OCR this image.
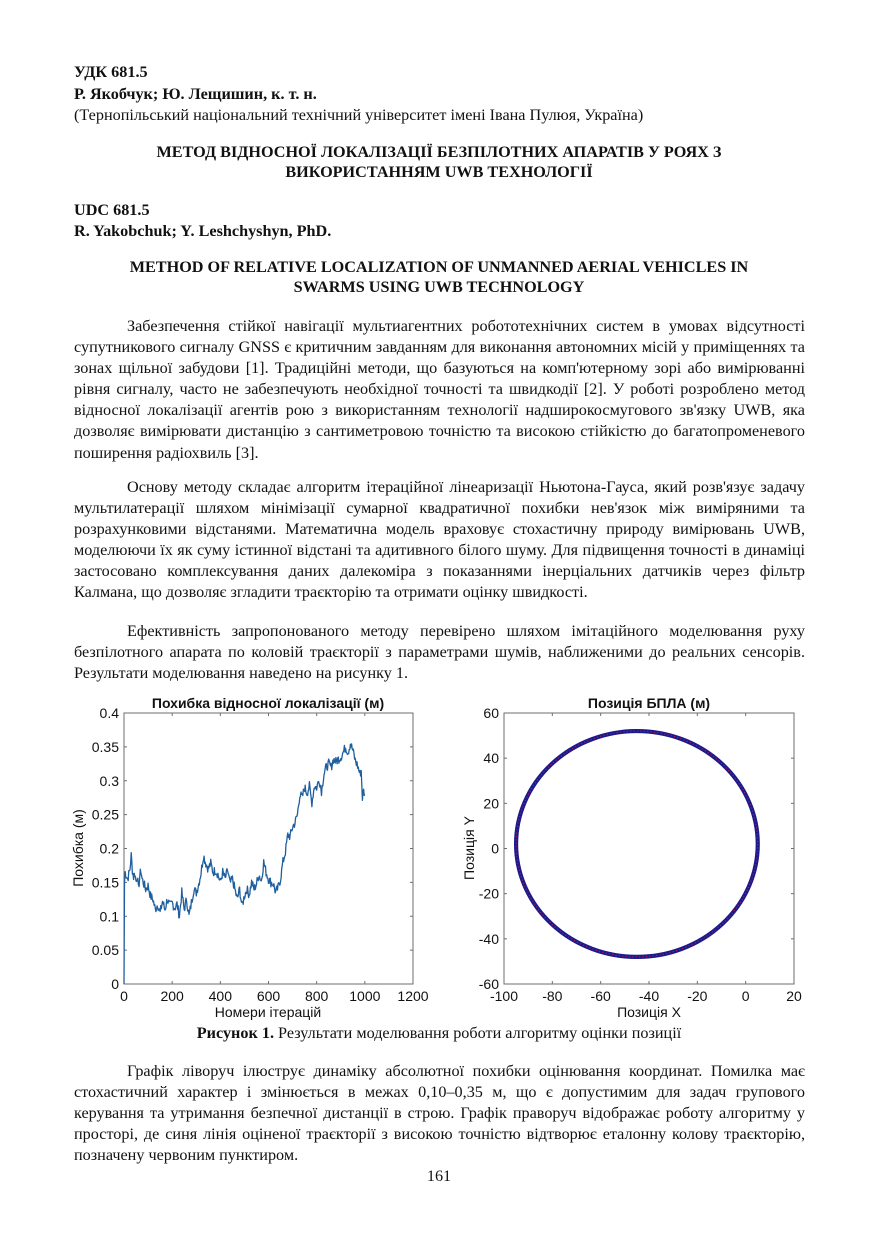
УДК 681.5
Р. Якобчук; Ю. Лещишин, к. т. н.
(Тернопільський національний технічний університет імені Івана Пулюя, Україна)
МЕТОД ВІДНОСНОЇ ЛОКАЛІЗАЦІЇ БЕЗПІЛОТНИХ АПАРАТІВ У РОЯХ З
ВИКОРИСТАННЯМ UWB ТЕХНОЛОГІЇ
UDC 681.5
R. Yakobchuk; Y. Leshchyshyn, PhD.
METHOD OF RELATIVE LOCALIZATION OF UNMANNED AERIAL VEHICLES IN
SWARMS USING UWB TECHNOLOGY

Забезпечення стійкої навігації мультиагентних робототехнічних систем в умовах відсутності супутникового сигналу GNSS є критичним завданням для виконання автономних місій у приміщеннях та зонах щільної забудови [1]. Традиційні методи, що базуються на комп'ютерному зорі або вимірюванні рівня сигналу, часто не забезпечують необхідної точності та швидкодії [2]. У роботі розроблено метод відносної локалізації агентів рою з використанням технології надширокосмугового зв'язку UWB, яка дозволяє вимірювати дистанцію з сантиметровою точністю та високою стійкістю до багатопроменевого поширення радіохвиль [3].

Основу методу складає алгоритм ітераційної лінеаризації Ньютона-Гауса, який розв'язує задачу мультилатерації шляхом мінімізації сумарної квадратичної похибки нев'язок між виміряними та розрахунковими відстанями. Математична модель враховує стохастичну природу вимірювань UWB, моделюючи їх як суму істинної відстані та адитивного білого шуму. Для підвищення точності в динаміці застосовано комплексування даних далекоміра з показаннями інерціальних датчиків через фільтр Калмана, що дозволяє згладити траєкторію та отримати оцінку швидкості.

Ефективність запропонованого методу перевірено шляхом імітаційного моделювання руху безпілотного апарата по коловій траєкторії з параметрами шумів, наближеними до реальних сенсорів. Результати моделювання наведено на рисунку 1.

Похибка відносної локалізації (м)
0 200 400 600 800 1000 1200
0
0.05
0.1
0.15
0.2
0.25
0.3
0.35
0.4
Номери ітерацій
Похибка (м)
Позиція БПЛА (м)
-100 -80 -60 -40 -20 0	20
-60
-40
-20
0
20
40
60
Позиція X
Позиція Y
Рисунок 1. Результати моделювання роботи алгоритму оцінки позиції

Графік ліворуч ілюструє динаміку абсолютної похибки оцінювання координат. Помилка має стохастичний характер і змінюється в межах 0,10–0,35 м, що є допустимим для задач групового керування та утримання безпечної дистанції в строю. Графік праворуч відображає роботу алгоритму у просторі, де синя лінія оціненої траєкторії з високою точністю відтворює еталонну колову траєкторію, позначену червоним пунктиром.

161
